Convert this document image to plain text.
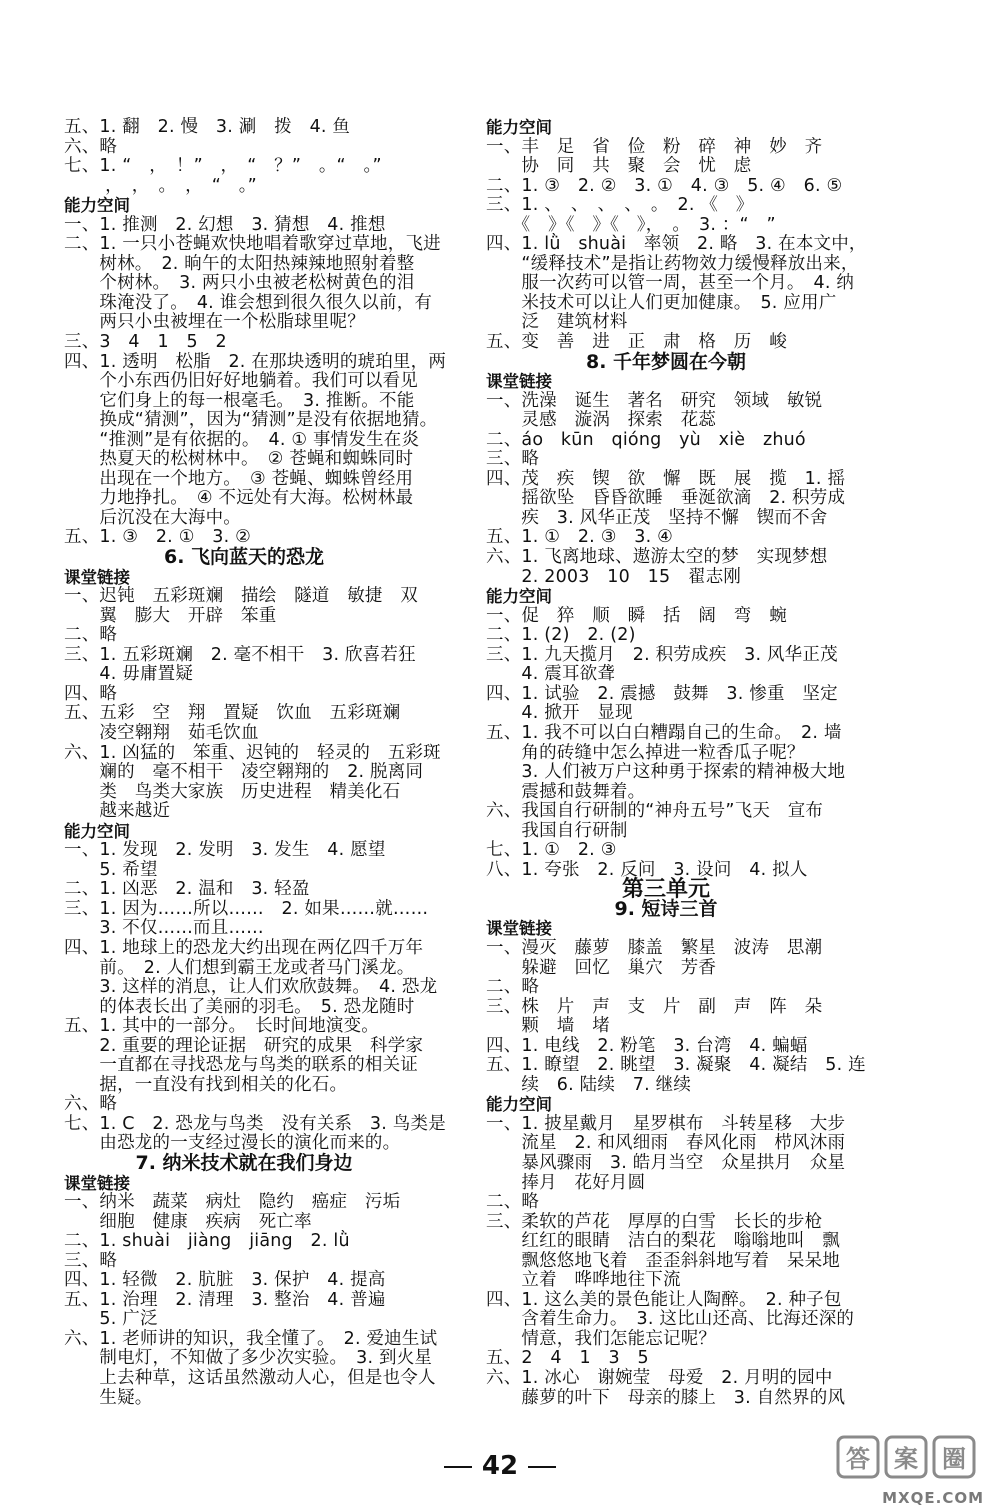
五、1. 翻　2. 慢　3. 涮　拨　4. 鱼
六、略
七、1. “　，　！”　，　“　？”　。“　。”
　　 ，　，　。　，　“　。”
能力空间
一、1. 推测　2. 幻想　3. 猜想　4. 推想
二、1. 一只小苍蝇欢快地唱着歌穿过草地，飞进
　　树林。　2. 晌午的太阳热辣辣地照射着整
　　个树林。　3. 两只小虫被老松树黄色的泪
　　珠淹没了。　4. 谁会想到很久很久以前，有
　　两只小虫被埋在一个松脂球里呢？
三、3　4　1　5　2
四、1. 透明　松脂　2. 在那块透明的琥珀里，两
　　个小东西仍旧好好地躺着。我们可以看见
　　它们身上的每一根毫毛。　3. 推断。不能
　　换成“猜测”，因为“猜测”是没有依据地猜。
　　“推测”是有依据的。　4. ① 事情发生在炎
　　热夏天的松树林中。　② 苍蝇和蜘蛛同时
　　出现在一个地方。　③ 苍蝇、蜘蛛曾经用
　　力地挣扎。　④ 不远处有大海。松树林最
　　后沉没在大海中。
五、1. ③　2. ①　3. ②
6. 飞向蓝天的恐龙
课堂链接
一、迟钝　五彩斑斓　描绘　隧道　敏捷　双
　　翼　膨大　开辟　笨重
二、略
三、1. 五彩斑斓　2. 毫不相干　3. 欣喜若狂
　　4. 毋庸置疑
四、略
五、五彩　空　翔　置疑　饮血　五彩斑斓
　　凌空翱翔　茹毛饮血
六、1. 凶猛的　笨重、迟钝的　轻灵的　五彩斑
　　斓的　毫不相干　凌空翱翔的　2. 脱离同
　　类　鸟类大家族　历史进程　精美化石
　　越来越近
能力空间
一、1. 发现　2. 发明　3. 发生　4. 愿望
　　5. 希望
二、1. 凶恶　2. 温和　3. 轻盈
三、1. 因为……所以……　2. 如果……就……
　　3. 不仅……而且……
四、1. 地球上的恐龙大约出现在两亿四千万年
　　前。　2. 人们想到霸王龙或者马门溪龙。
　　3. 这样的消息，让人们欢欣鼓舞。　4. 恐龙
　　的体表长出了美丽的羽毛。　5. 恐龙随时
五、1. 其中的一部分。　长时间地演变。
　　2. 重要的理论证据　研究的成果　科学家
　　一直都在寻找恐龙与鸟类的联系的相关证
　　据，一直没有找到相关的化石。
六、略
七、1. C　2. 恐龙与鸟类　没有关系　3. 鸟类是
　　由恐龙的一支经过漫长的演化而来的。
7. 纳米技术就在我们身边
课堂链接
一、纳米　蔬菜　病灶　隐约　癌症　污垢
　　细胞　健康　疾病　死亡率
二、1. shuài　jiàng　jiāng　2. lǜ
三、略
四、1. 轻微　2. 肮脏　3. 保护　4. 提高
五、1. 治理　2. 清理　3. 整治　4. 普遍
　　5. 广泛
六、1. 老师讲的知识，我全懂了。　2. 爱迪生试
　　制电灯，不知做了多少次实验。　3. 到火星
　　上去种草，这话虽然激动人心，但是也令人
　　生疑。
能力空间
一、丰　足　省　俭　粉　碎　神　妙　齐
　　协　同　共　聚　会　忧　虑
二、1. ③　2. ②　3. ①　4. ③　5. ④　6. ⑤
三、1. 、　、　、　、　。　2. 《　》
　　《　》《　》《　》，　。　3. ：“　”
四、1. lǜ　shuài　率领　2. 略　3. 在本文中，
　　“缓释技术”是指让药物效力缓慢释放出来，
　　服一次药可以管一周，甚至一个月。　4. 纳
　　米技术可以让人们更加健康。　5. 应用广
　　泛　建筑材料
五、变　善　进　正　肃　格　历　峻
8. 千年梦圆在今朝
课堂链接
一、洗澡　诞生　著名　研究　领域　敏锐
　　灵感　漩涡　探索　花蕊
二、áo　kūn　qióng　yù　xiè　zhuó
三、略
四、茂　疾　锲　欲　懈　既　展　揽　1. 摇
　　摇欲坠　昏昏欲睡　垂涎欲滴　2. 积劳成
　　疾　3. 风华正茂　坚持不懈　锲而不舍
五、1. ①　2. ③　3. ④
六、1. 飞离地球、遨游太空的梦　实现梦想
　　2. 2003　10　15　翟志刚
能力空间
一、促　猝　顺　瞬　括　阔　弯　蜿
二、1. (2)　2. (2)
三、1. 九天揽月　2. 积劳成疾　3. 风华正茂
　　4. 震耳欲聋
四、1. 试验　2. 震撼　鼓舞　3. 惨重　坚定
　　4. 掀开　显现
五、1. 我不可以白白糟蹋自己的生命。　2. 墙
　　角的砖缝中怎么掉进一粒香瓜子呢？
　　3. 人们被万户这种勇于探索的精神极大地
　　震撼和鼓舞着。
六、我国自行研制的“神舟五号”飞天　宣布
　　我国自行研制
七、1. ①　2. ③
八、1. 夸张　2. 反问　3. 设问　4. 拟人
第三单元
9. 短诗三首
课堂链接
一、漫灭　藤萝　膝盖　繁星　波涛　思潮
　　躲避　回忆　巢穴　芳香
二、略
三、株　片　声　支　片　副　声　阵　朵
　　颗　墙　堵
四、1. 电线　2. 粉笔　3. 台湾　4. 蝙蝠
五、1. 瞭望　2. 眺望　3. 凝聚　4. 凝结　5. 连
　　续　6. 陆续　7. 继续
能力空间
一、1. 披星戴月　星罗棋布　斗转星移　大步
　　流星　2. 和风细雨　春风化雨　栉风沐雨
　　暴风骤雨　3. 皓月当空　众星拱月　众星
　　捧月　花好月圆
二、略
三、柔软的芦花　厚厚的白雪　长长的步枪
　　红红的眼睛　洁白的梨花　嗡嗡地叫　飘
　　飘悠悠地飞着　歪歪斜斜地写着　呆呆地
　　立着　哗哗地往下流
四、1. 这么美的景色能让人陶醉。　2. 种子包
　　含着生命力。　3. 这比山还高、比海还深的
　　情意，我们怎能忘记呢？
五、2　4　1　3　5
六、1. 冰心　谢婉莹　母爱　2. 月明的园中
　　藤萝的叶下　母亲的膝上　3. 自然界的风
42	答 案 圈
MXQE.COM
